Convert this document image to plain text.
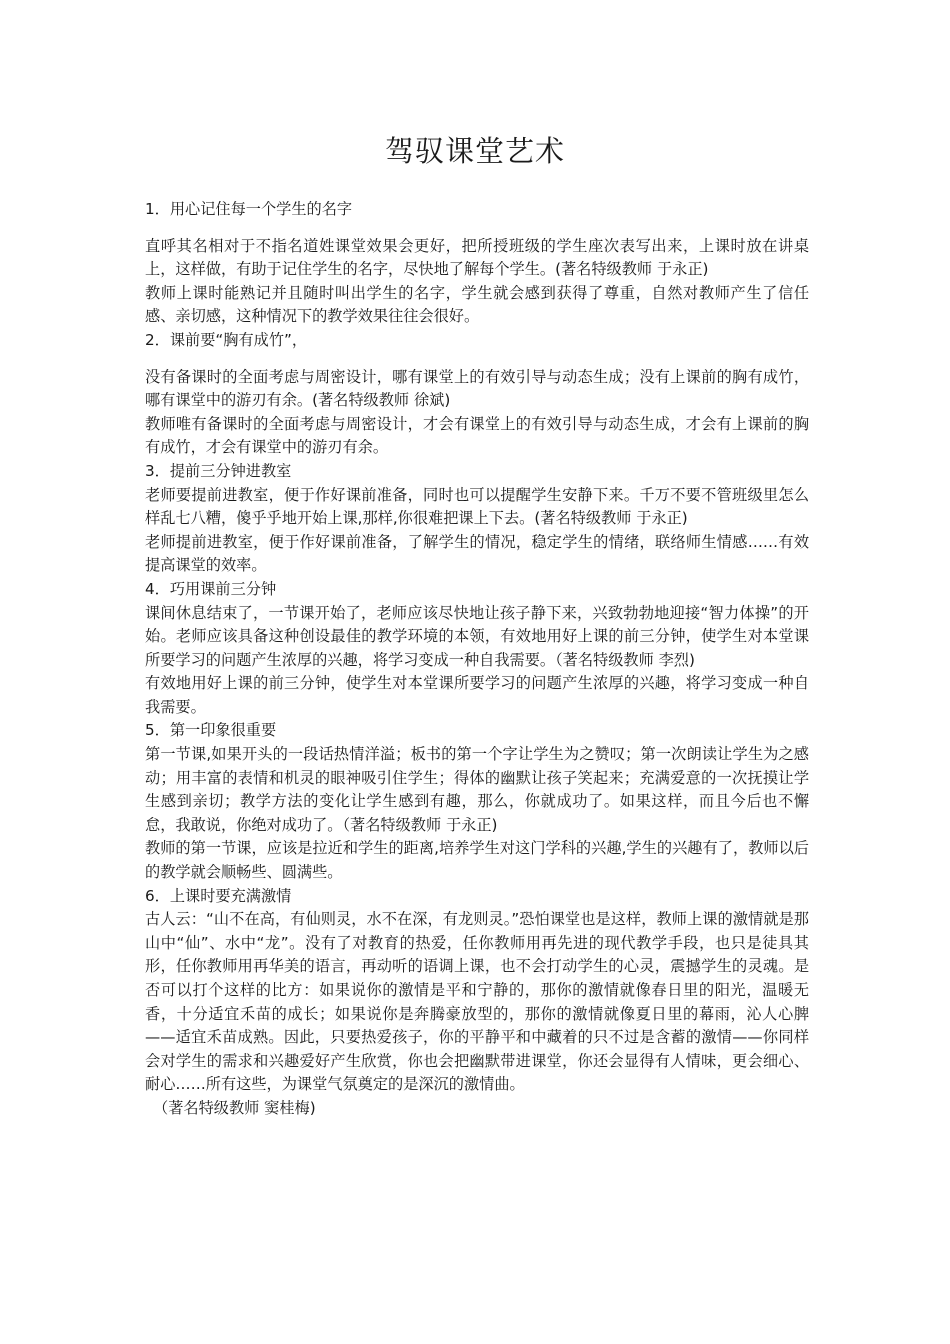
驾驭课堂艺术

1．用心记住每一个学生的名字

直呼其名相对于不指名道姓课堂效果会更好，把所授班级的学生座次表写出来，上课时放在讲桌上，这样做，有助于记住学生的名字，尽快地了解每个学生。(著名特级教师 于永正)

教师上课时能熟记并且随时叫出学生的名字，学生就会感到获得了尊重，自然对教师产生了信任感、亲切感，这种情况下的教学效果往往会很好。

2．课前要“胸有成竹”，

没有备课时的全面考虑与周密设计，哪有课堂上的有效引导与动态生成；没有上课前的胸有成竹，哪有课堂中的游刃有余。(著名特级教师 徐斌)

教师唯有备课时的全面考虑与周密设计，才会有课堂上的有效引导与动态生成，才会有上课前的胸有成竹，才会有课堂中的游刃有余。

3．提前三分钟进教室

老师要提前进教室，便于作好课前准备，同时也可以提醒学生安静下来。千万不要不管班级里怎么样乱七八糟，傻乎乎地开始上课,那样,你很难把课上下去。(著名特级教师 于永正)

老师提前进教室，便于作好课前准备，了解学生的情况，稳定学生的情绪，联络师生情感……有效提高课堂的效率。

4．巧用课前三分钟

课间休息结束了，一节课开始了，老师应该尽快地让孩子静下来，兴致勃勃地迎接“智力体操”的开始。老师应该具备这种创设最佳的教学环境的本领，有效地用好上课的前三分钟，使学生对本堂课所要学习的问题产生浓厚的兴趣，将学习变成一种自我需要。（著名特级教师 李烈)

有效地用好上课的前三分钟，使学生对本堂课所要学习的问题产生浓厚的兴趣，将学习变成一种自我需要。

5．第一印象很重要

第一节课,如果开头的一段话热情洋溢；板书的第一个字让学生为之赞叹；第一次朗读让学生为之感动；用丰富的表情和机灵的眼神吸引住学生；得体的幽默让孩子笑起来；充满爱意的一次抚摸让学生感到亲切；教学方法的变化让学生感到有趣，那么，你就成功了。如果这样，而且今后也不懈怠，我敢说，你绝对成功了。（著名特级教师 于永正)

教师的第一节课，应该是拉近和学生的距离,培养学生对这门学科的兴趣,学生的兴趣有了，教师以后的教学就会顺畅些、圆满些。

6．上课时要充满激情

古人云：“山不在高，有仙则灵，水不在深，有龙则灵。”恐怕课堂也是这样，教师上课的激情就是那山中“仙”、水中“龙”。没有了对教育的热爱，任你教师用再先进的现代教学手段，也只是徒具其形，任你教师用再华美的语言，再动听的语调上课，也不会打动学生的心灵，震撼学生的灵魂。是否可以打个这样的比方：如果说你的激情是平和宁静的，那你的激情就像春日里的阳光，温暖无香，十分适宜禾苗的成长；如果说你是奔腾豪放型的，那你的激情就像夏日里的幕雨，沁人心脾——适宜禾苗成熟。因此，只要热爱孩子，你的平静平和中藏着的只不过是含蓄的激情——你同样会对学生的需求和兴趣爱好产生欣赏，你也会把幽默带进课堂，你还会显得有人情味，更会细心、耐心……所有这些，为课堂气氛奠定的是深沉的激情曲。

（著名特级教师 窦桂梅)
